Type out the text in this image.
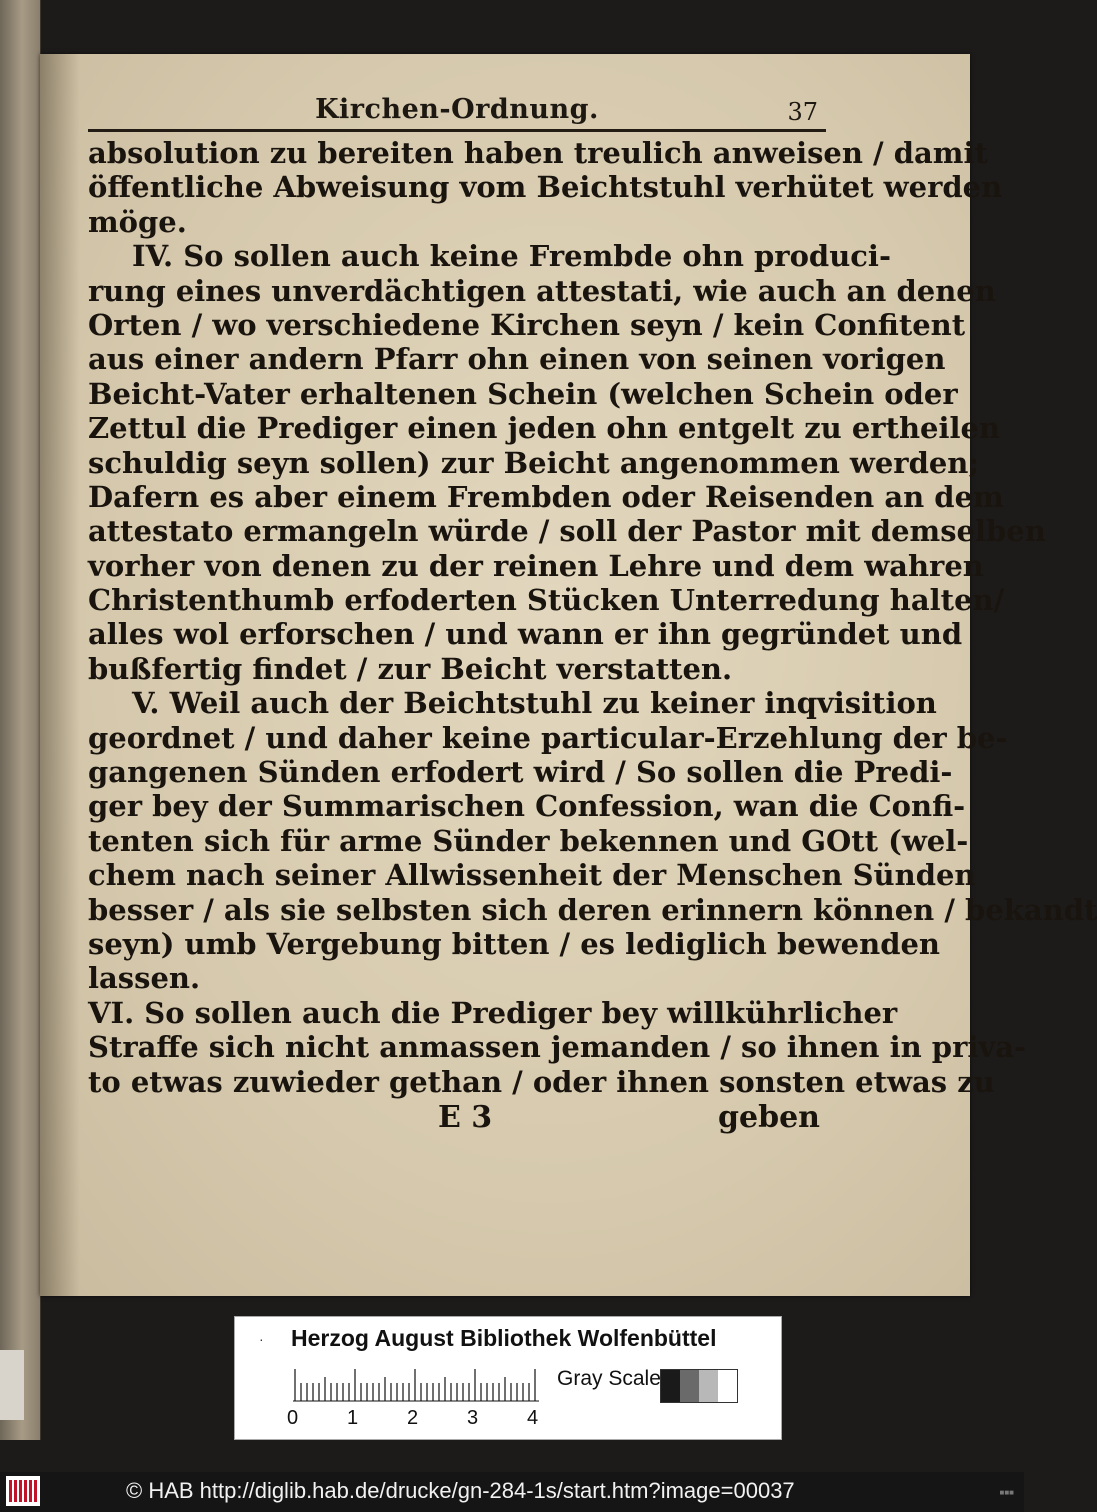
Kirchen-Ordnung.	37
absolution zu bereiten haben treulich anweisen / damit
öffentliche Abweisung vom Beichtstuhl verhütet werden
möge.
IV. So sollen auch keine Frembde ohn produci-
rung eines unverdächtigen attestati, wie auch an denen
Orten / wo verschiedene Kirchen seyn / kein Confitent
aus einer andern Pfarr ohn einen von seinen vorigen
Beicht-Vater erhaltenen Schein (welchen Schein oder
Zettul die Prediger einen jeden ohn entgelt zu ertheilen
schuldig seyn sollen) zur Beicht angenommen werden;
Dafern es aber einem Frembden oder Reisenden an dem
attestato ermangeln würde / soll der Pastor mit demselben
vorher von denen zu der reinen Lehre und dem wahren
Christenthumb erfoderten Stücken Unterredung halten/
alles wol erforschen / und wann er ihn gegründet und
bußfertig findet / zur Beicht verstatten.
V. Weil auch der Beichtstuhl zu keiner inqvisition
geordnet / und daher keine particular-Erzehlung der be-
gangenen Sünden erfodert wird / So sollen die Predi-
ger bey der Summarischen Confession, wan die Confi-
tenten sich für arme Sünder bekennen und GOtt (wel-
chem nach seiner Allwissenheit der Menschen Sünden
besser / als sie selbsten sich deren erinnern können / bekandt
seyn) umb Vergebung bitten / es lediglich bewenden
lassen.
VI. So sollen auch die Prediger bey willkührlicher
Straffe sich nicht anmassen jemanden / so ihnen in priva-
to etwas zuwieder gethan / oder ihnen sonsten etwas zu
E 3	geben
· Herzog August Bibliothek Wolfenbüttel
0 1 2 3 4
Gray Scale
© HAB http://diglib.hab.de/drucke/gn-284-1s/start.htm?image=00037	■■■
